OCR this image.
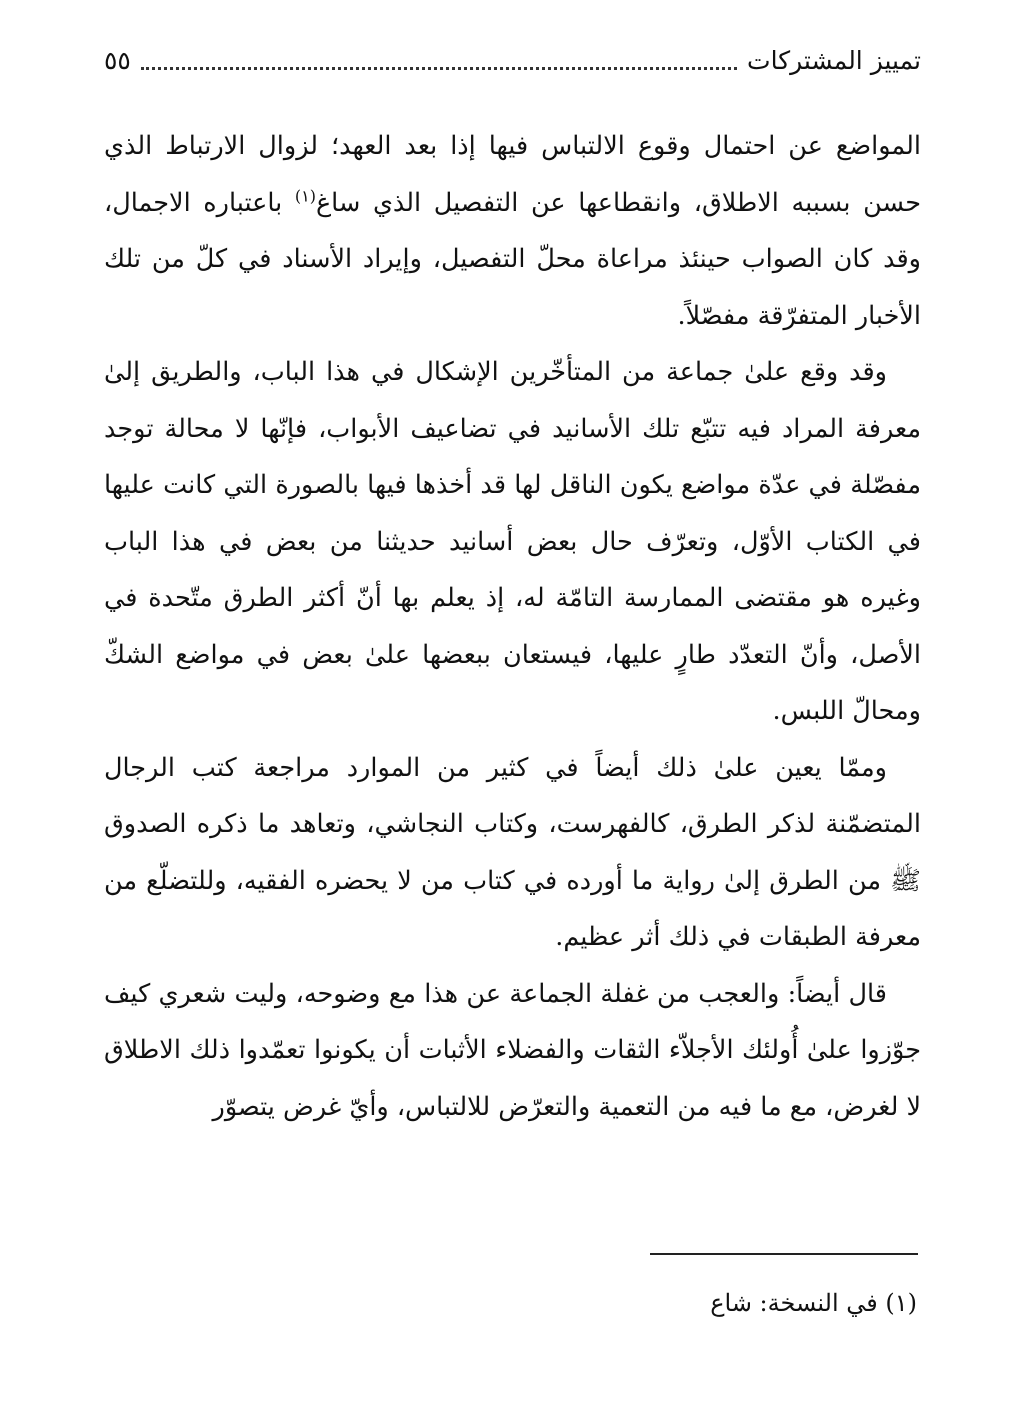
تمييز المشتركات
٥٥

المواضع عن احتمال وقوع الالتباس فيها إذا بعد العهد؛ لزوال الارتباط الذي حسن بسببه الاطلاق، وانقطاعها عن التفصيل الذي ساغ$^{(١)}$ باعتباره الاجمال، وقد كان الصواب حينئذ مراعاة محلّ التفصيل، وإيراد الأسناد في كلّ من تلك الأخبار المتفرّقة مفصّلاً.

وقد وقع علىٰ جماعة من المتأخّرين الإشكال في هذا الباب، والطريق إلىٰ معرفة المراد فيه تتبّع تلك الأسانيد في تضاعيف الأبواب، فإنّها لا محالة توجد مفصّلة في عدّة مواضع يكون الناقل لها قد أخذها فيها بالصورة التي كانت عليها في الكتاب الأوّل، وتعرّف حال بعض أسانيد حديثنا من بعض في هذا الباب وغيره هو مقتضى الممارسة التامّة له، إذ يعلم بها أنّ أكثر الطرق متّحدة في الأصل، وأنّ التعدّد طارٍ عليها، فيستعان ببعضها علىٰ بعض في مواضع الشكّ ومحالّ اللبس.

وممّا يعين علىٰ ذلك أيضاً في كثير من الموارد مراجعة كتب الرجال المتضمّنة لذكر الطرق، كالفهرست، وكتاب النجاشي، وتعاهد ما ذكره الصدوق ﷺ من الطرق إلىٰ رواية ما أورده في كتاب من لا يحضره الفقيه، وللتضلّع من معرفة الطبقات في ذلك أثر عظيم.

قال أيضاً: والعجب من غفلة الجماعة عن هذا مع وضوحه، وليت شعري كيف جوّزوا علىٰ أُولئك الأجلاّء الثقات والفضلاء الأثبات أن يكونوا تعمّدوا ذلك الاطلاق لا لغرض، مع ما فيه من التعمية والتعرّض للالتباس، وأيّ غرض يتصوّر

(١) في النسخة: شاع
